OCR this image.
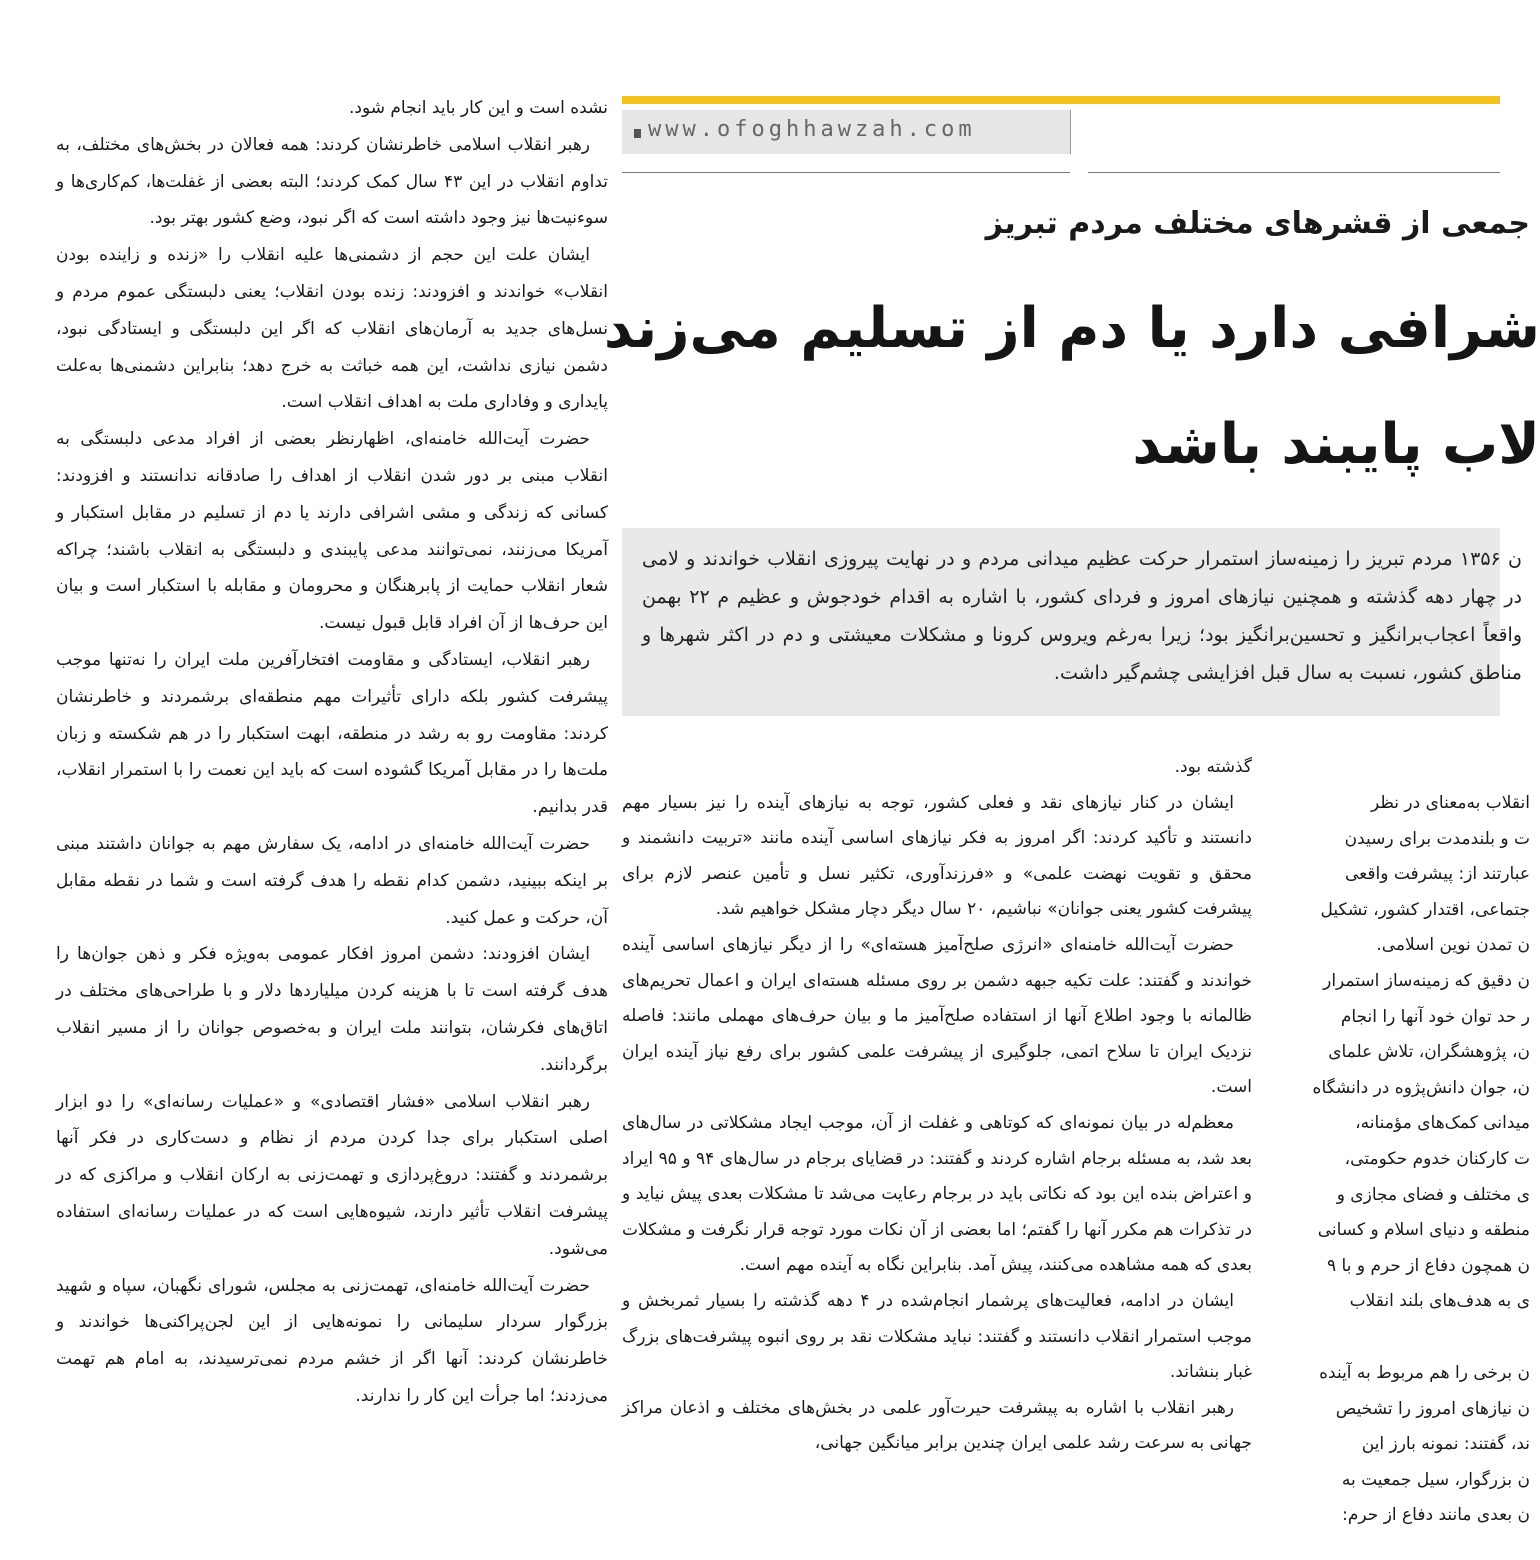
نشده است و این کار باید انجام شود.

رهبر انقلاب اسلامی خاطرنشان کردند: همه فعالان در بخش‌های مختلف، به تداوم انقلاب در این ۴۳ سال کمک کردند؛ البته بعضی از غفلت‌ها، کم‌کاری‌ها و سوءنیت‌ها نیز وجود داشته است که اگر نبود، وضع کشور بهتر بود.

ایشان علت این حجم از دشمنی‌ها علیه انقلاب را «زنده و زاینده بودن انقلاب» خواندند و افزودند: زنده بودن انقلاب؛ یعنی دلبستگی عموم مردم و نسل‌های جدید به آرمان‌های انقلاب که اگر این دلبستگی و ایستادگی نبود، دشمن نیازی نداشت، این همه خباثت به خرج دهد؛ بنابراین دشمنی‌ها به‌علت پایداری و وفاداری ملت به اهداف انقلاب است.

حضرت آیت‌الله خامنه‌ای، اظهارنظر بعضی از افراد مدعی دلبستگی به انقلاب مبنی بر دور شدن انقلاب از اهداف را صادقانه ندانستند و افزودند: کسانی که زندگی و مشی اشرافی دارند یا دم از تسلیم در مقابل استکبار و آمریکا می‌زنند، نمی‌توانند مدعی پایبندی و دلبستگی به انقلاب باشند؛ چراکه شعار انقلاب حمایت از پابرهنگان و محرومان و مقابله با استکبار است و بیان این حرف‌ها از آن افراد قابل قبول نیست.

رهبر انقلاب، ایستادگی و مقاومت افتخارآفرین ملت ایران را نه‌تنها موجب پیشرفت کشور بلکه دارای تأثیرات مهم منطقه‌ای برشمردند و خاطرنشان کردند: مقاومت رو به رشد در منطقه، ابهت استکبار را در هم شکسته و زبان ملت‌ها را در مقابل آمریکا گشوده است که باید این نعمت را با استمرار انقلاب، قدر بدانیم.

حضرت آیت‌الله خامنه‌ای در ادامه، یک سفارش مهم به جوانان داشتند مبنی بر اینکه ببینید، دشمن کدام نقطه را هدف گرفته است و شما در نقطه مقابل آن، حرکت و عمل کنید.

ایشان افزودند: دشمن امروز افکار عمومی به‌ویژه فکر و ذهن جوان‌ها را هدف گرفته است تا با هزینه کردن میلیاردها دلار و با طراحی‌های مختلف در اتاق‌های فکرشان، بتوانند ملت ایران و به‌خصوص جوانان را از مسیر انقلاب برگردانند.

رهبر انقلاب اسلامی «فشار اقتصادی» و «عملیات رسانه‌ای» را دو ابزار اصلی استکبار برای جدا کردن مردم از نظام و دست‌کاری در فکر آنها برشمردند و گفتند: دروغ‌پردازی و تهمت‌زنی به ارکان انقلاب و مراکزی که در پیشرفت انقلاب تأثیر دارند، شیوه‌هایی است که در عملیات رسانه‌ای استفاده می‌شود.

حضرت آیت‌الله خامنه‌ای، تهمت‌زنی به مجلس، شورای نگهبان، سپاه و شهید بزرگوار سردار سلیمانی را نمونه‌هایی از این لجن‌پراکنی‌ها خواندند و خاطرنشان کردند: آنها اگر از خشم مردم نمی‌ترسیدند، به امام هم تهمت می‌زدند؛ اما جرأت این کار را ندارند.

www.ofoghhawzah.com
جمعی از قشرهای مختلف مردم تبریز
شرافی دارد یا دم از تسلیم می‌زند
لاب پایبند باشد
ن ۱۳۵۶ مردم تبریز را زمینه‌ساز استمرار حرکت عظیم میدانی مردم و در نهایت پیروزی انقلاب خواندند و لامی در چهار دهه گذشته و همچنین نیازهای امروز و فردای کشور، با اشاره به اقدام خودجوش و عظیم م ۲۲ بهمن واقعاً اعجاب‌برانگیز و تحسین‌برانگیز بود؛ زیرا به‌رغم ویروس کرونا و مشکلات معیشتی و دم در اکثر شهرها و مناطق کشور، نسبت به سال قبل افزایشی چشم‌گیر داشت.

گذشته بود.

ایشان در کنار نیازهای نقد و فعلی کشور، توجه به نیازهای آینده را نیز بسیار مهم دانستند و تأکید کردند: اگر امروز به فکر نیازهای اساسی آینده مانند «تربیت دانشمند و محقق و تقویت نهضت علمی» و «فرزندآوری، تکثیر نسل و تأمین عنصر لازم برای پیشرفت کشور یعنی جوانان» نباشیم، ۲۰ سال دیگر دچار مشکل خواهیم شد.

حضرت آیت‌الله خامنه‌ای «انرژی صلح‌آمیز هسته‌ای» را از دیگر نیازهای اساسی آینده خواندند و گفتند: علت تکیه جبهه دشمن بر روی مسئله هسته‌ای ایران و اعمال تحریم‌های ظالمانه با وجود اطلاع آنها از استفاده صلح‌آمیز ما و بیان حرف‌های مهملی مانند: فاصله نزدیک ایران تا سلاح اتمی، جلوگیری از پیشرفت علمی کشور برای رفع نیاز آینده ایران است.

معظم‌له در بیان نمونه‌ای که کوتاهی و غفلت از آن، موجب ایجاد مشکلاتی در سال‌های بعد شد، به مسئله برجام اشاره کردند و گفتند: در قضایای برجام در سال‌های ۹۴ و ۹۵ ایراد و اعتراض بنده این بود که نکاتی باید در برجام رعایت می‌شد تا مشکلات بعدی پیش نیاید و در تذکرات هم مکرر آنها را گفتم؛ اما بعضی از آن نکات مورد توجه قرار نگرفت و مشکلات بعدی که همه مشاهده می‌کنند، پیش آمد. بنابراین نگاه به آینده مهم است.

ایشان در ادامه، فعالیت‌های پرشمار انجام‌شده در ۴ دهه گذشته را بسیار ثمربخش و موجب استمرار انقلاب دانستند و گفتند: نباید مشکلات نقد بر روی انبوه پیشرفت‌های بزرگ غبار بنشاند.

رهبر انقلاب با اشاره به پیشرفت حیرت‌آور علمی در بخش‌های مختلف و اذعان مراکز جهانی به سرعت رشد علمی ایران چندین برابر میانگین جهانی،

انقلاب به‌معنای در نظر

ت و بلندمدت برای رسیدن

عبارتند از: پیشرفت واقعی

جتماعی، اقتدار کشور، تشکیل

ن تمدن نوین اسلامی.

ن دقیق که زمینه‌ساز استمرار

ر حد توان خود آنها را انجام

ن، پژوهشگران، تلاش علمای

ن، جوان دانش‌پژوه در دانشگاه

میدانی کمک‌های مؤمنانه،

ت کارکنان خدوم حکومتی،

ی مختلف و فضای مجازی و

منطقه و دنیای اسلام و کسانی

ن همچون دفاع از حرم و با ۹

ی به هدف‌های بلند انقلاب

ن برخی را هم مربوط به آینده

ن نیازهای امروز را تشخیص

ند، گفتند: نمونه بارز این

ن بزرگوار، سیل جمعیت به

ن بعدی مانند دفاع از حرم:
